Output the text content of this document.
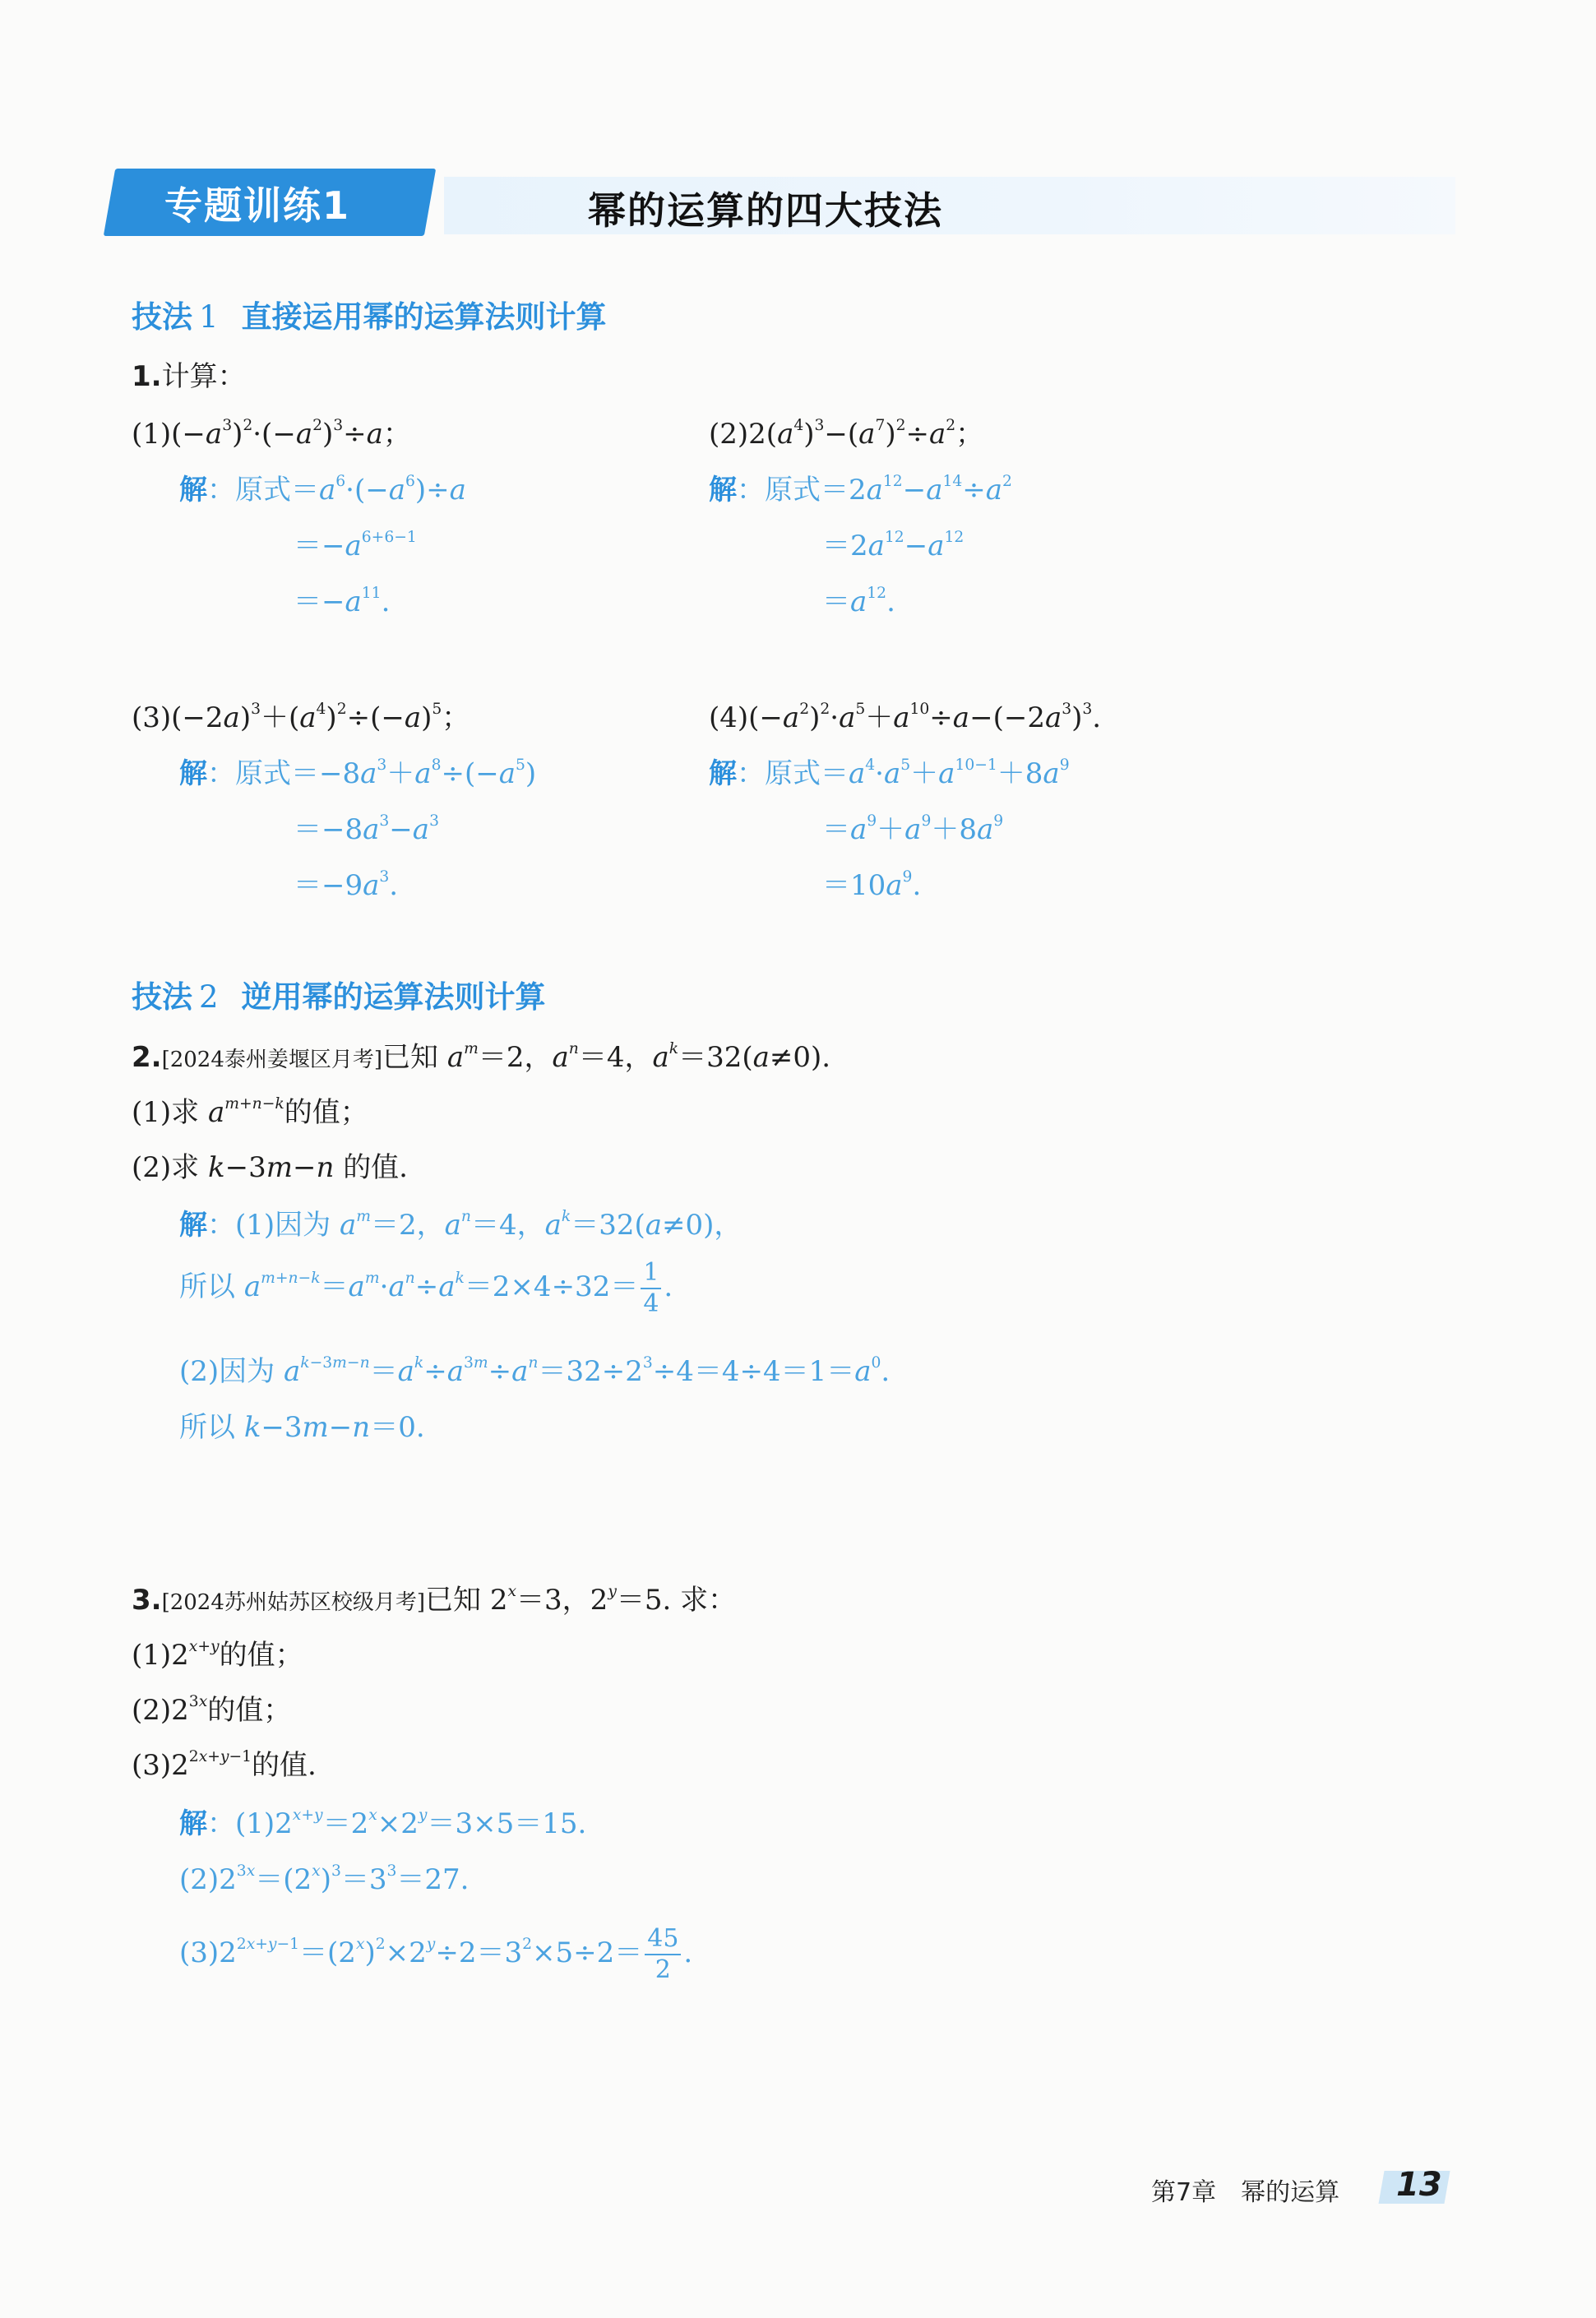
专题训练1	幂的运算的四大技法
技法 1 直接运用幂的运算法则计算
1.计算：
$(1)(-a^3)^2\cdot(-a^2)^3\div a$；
解：原式$=a^6\cdot(-a^6)\div a$
$=-a^{6+6-1}$
$=-a^{11}$.
$(2)2(a^4)^3-(a^7)^2\div a^2$；
解：原式$=2a^{12}-a^{14}\div a^2$
$=2a^{12}-a^{12}$
$=a^{12}$.
$(3)(-2a)^3+(a^4)^2\div(-a)^5$；
解：原式$=-8a^3+a^8\div(-a^5)$
$=-8a^3-a^3$
$=-9a^3$.
$(4)(-a^2)^2\cdot a^5+a^{10}\div a-(-2a^3)^3$.
解：原式$=a^4\cdot a^5+a^{10-1}+8a^9$
$=a^9+a^9+8a^9$
$=10a^9$.
技法 2 逆用幂的运算法则计算
2.[2024泰州姜堰区月考]已知 $a^m=2$，$a^n=4$，$a^k=32(a\ne 0)$.
(1)求 $a^{m+n-k}$的值；
(2)求 k−3m−n 的值.
解：(1)因为 $a^m=2$，$a^n=4$，$a^k=32(a\ne 0)$，
所以 $a^{m+n-k}=a^m\cdot a^n\div a^k=2\times 4\div 32= \frac{1}{4}$ .
(2)因为 $a^{k-3m-n}=a^k\div a^{3m}\div a^n=32\div 2^3\div 4=4\div 4=1=a^0$.
所以 k−3m−n＝0.
3.[2024苏州姑苏区校级月考]已知 $2^x=3$，$2^y=5$. 求：
$(1)2^{x+y}$的值；
$(2)2^{3x}$的值；
$(3)2^{2x+y-1}$的值.
解：$(1)2^{x+y}=2^x\times 2^y=3\times 5=15$.
$(2)2^{3x}=(2^x)^3=3^3=27$.
$(3)2^{2x+y-1}=(2^x)^2\times 2^y\div 2=3^2\times 5\div 2= \frac{45}{2}$ .
第7章　幂的运算 13
